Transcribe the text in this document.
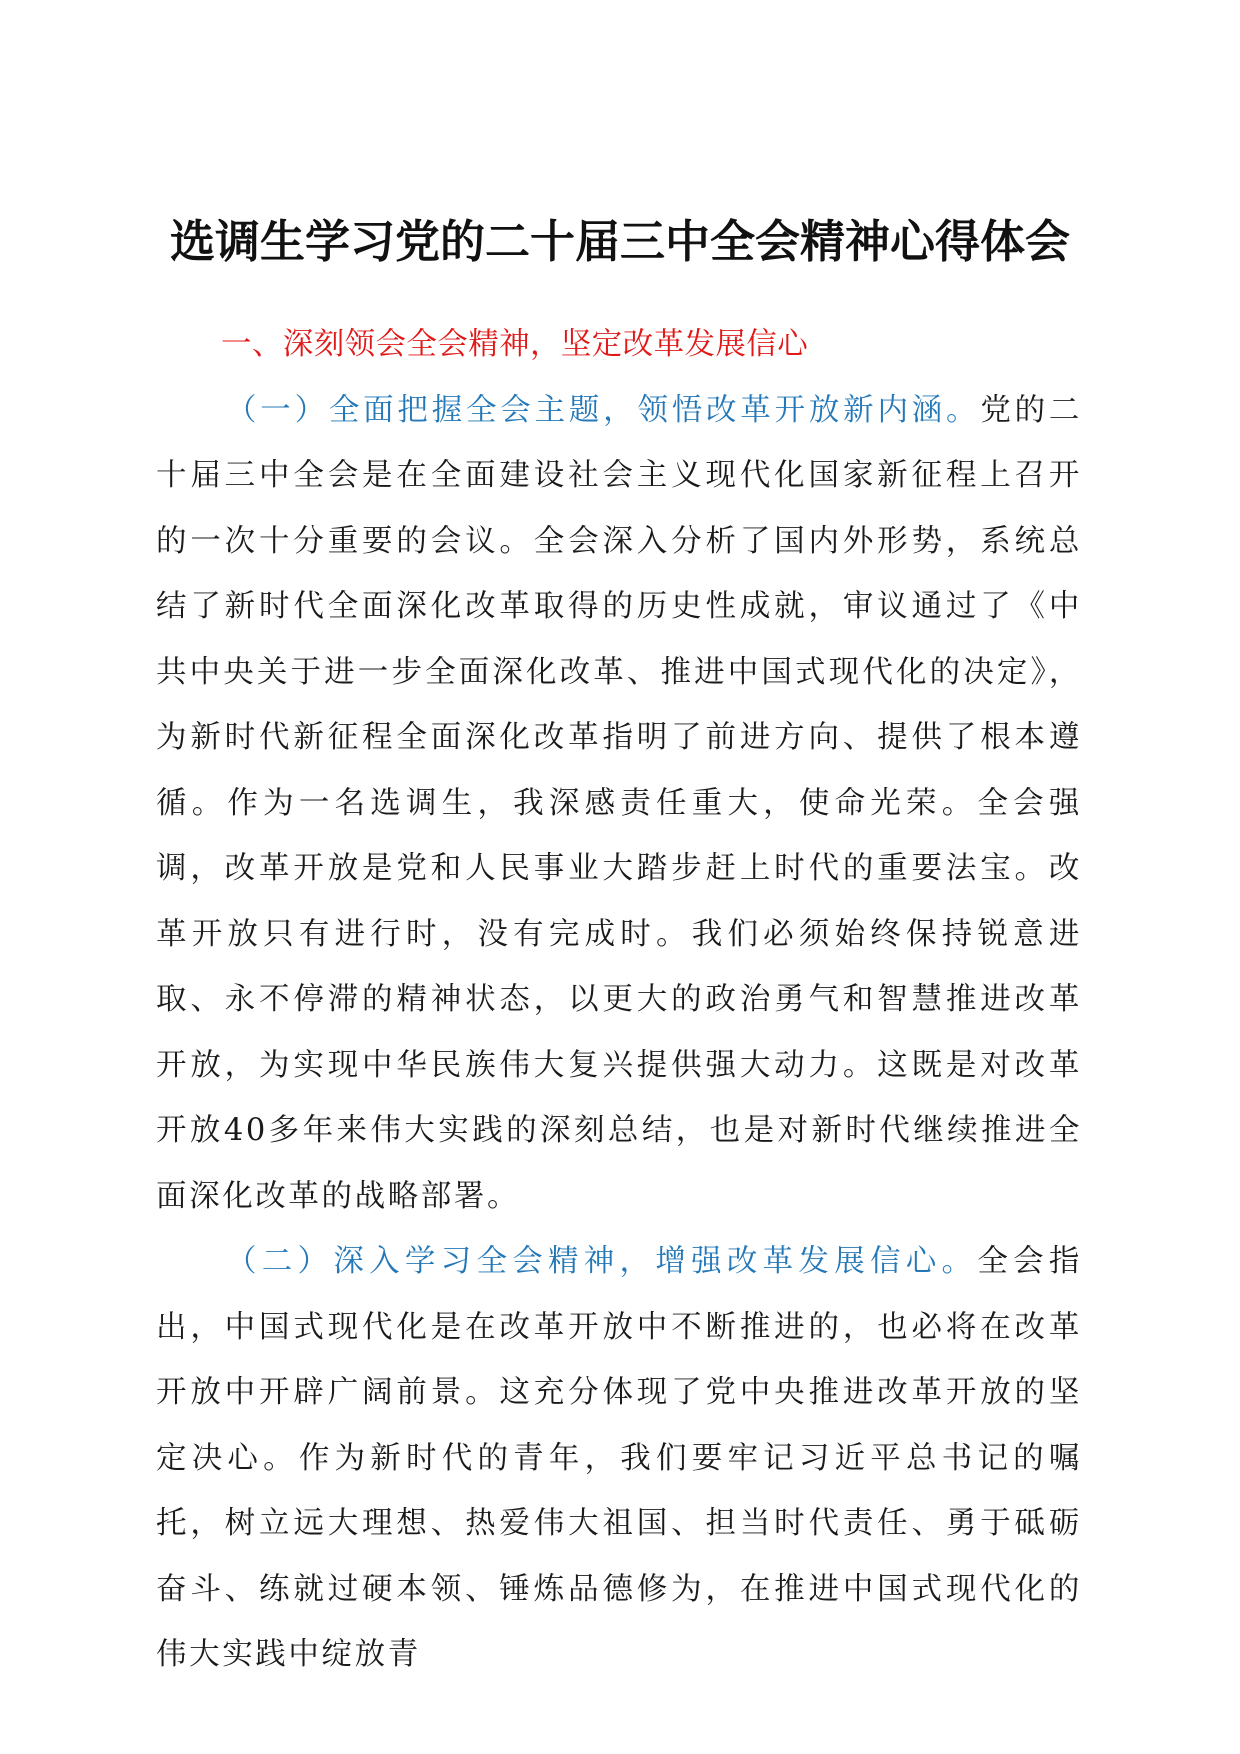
选调生学习党的二十届三中全会精神心得体会

一、深刻领会全会精神，坚定改革发展信心

（一）全面把握全会主题，领悟改革开放新内涵。党的二十届三中全会是在全面建设社会主义现代化国家新征程上召开的一次十分重要的会议。全会深入分析了国内外形势，系统总结了新时代全面深化改革取得的历史性成就，审议通过了《中共中央关于进一步全面深化改革、推进中国式现代化的决定》，为新时代新征程全面深化改革指明了前进方向、提供了根本遵循。作为一名选调生，我深感责任重大，使命光荣。全会强调，改革开放是党和人民事业大踏步赶上时代的重要法宝。改革开放只有进行时，没有完成时。我们必须始终保持锐意进取、永不停滞的精神状态，以更大的政治勇气和智慧推进改革开放，为实现中华民族伟大复兴提供强大动力。这既是对改革开放40多年来伟大实践的深刻总结，也是对新时代继续推进全面深化改革的战略部署。

（二）深入学习全会精神，增强改革发展信心。全会指出，中国式现代化是在改革开放中不断推进的，也必将在改革开放中开辟广阔前景。这充分体现了党中央推进改革开放的坚定决心。作为新时代的青年，我们要牢记习近平总书记的嘱托，树立远大理想、热爱伟大祖国、担当时代责任、勇于砥砺奋斗、练就过硬本领、锤炼品德修为，在推进中国式现代化的伟大实践中绽放青
